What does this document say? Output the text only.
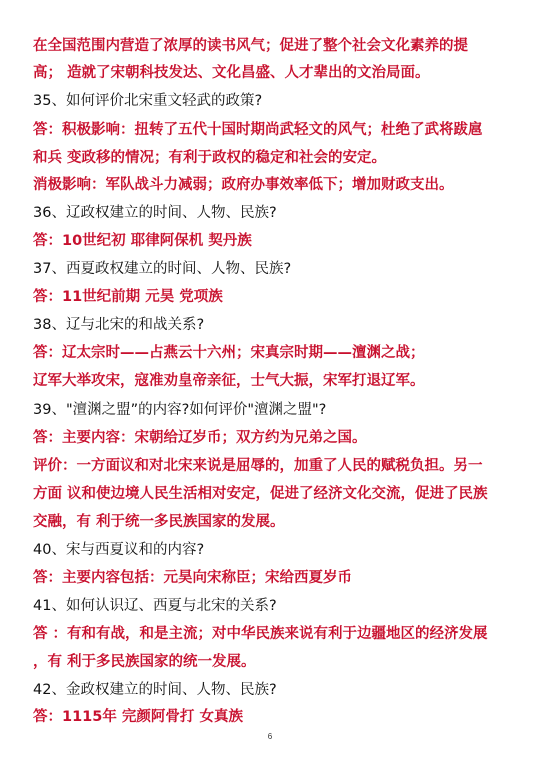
在全国范围内营造了浓厚的读书风气；促进了整个社会文化素养的提
高； 造就了宋朝科技发达、文化昌盛、人才辈出的文治局面。
35、如何评价北宋重文轻武的政策?
答：积极影响：扭转了五代十国时期尚武轻文的风气；杜绝了武将跋扈
和兵 变政移的情况；有利于政权的稳定和社会的安定。
消极影响：军队战斗力减弱；政府办事效率低下；增加财政支出。
36、辽政权建立的时间、人物、民族?
答：10世纪初 耶律阿保机 契丹族
37、西夏政权建立的时间、人物、民族?
答：11世纪前期 元昊 党项族
38、辽与北宋的和战关系?
答：辽太宗时——占燕云十六州；宋真宗时期——澶渊之战；
辽军大举攻宋，寇准劝皇帝亲征，士气大振，宋军打退辽军。
39、"澶渊之盟”的内容?如何评价"澶渊之盟"?
答：主要内容：宋朝给辽岁币；双方约为兄弟之国。
评价：一方面议和对北宋来说是屈辱的，加重了人民的赋税负担。另一
方面 议和使边境人民生活相对安定，促进了经济文化交流，促进了民族
交融，有 利于统一多民族国家的发展。
40、宋与西夏议和的内容?
答：主要内容包括：元昊向宋称臣；宋给西夏岁币
41、如何认识辽、西夏与北宋的关系?
答 ：有和有战，和是主流；对中华民族来说有利于边疆地区的经济发展
，有 利于多民族国家的统一发展。
42、金政权建立的时间、人物、民族?
答：1115年 完颜阿骨打 女真族
6
